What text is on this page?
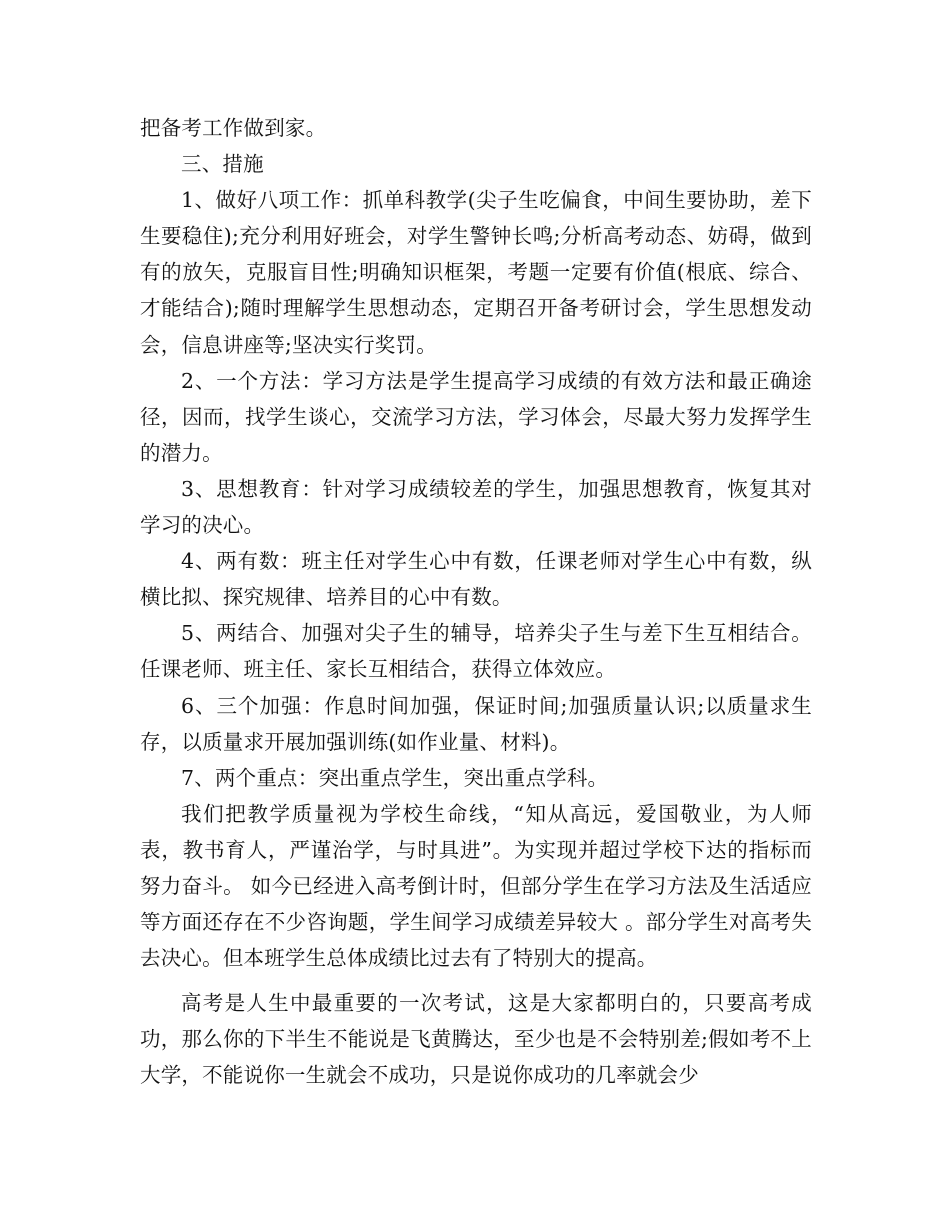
把备考工作做到家。

三、措施

1、做好八项工作：抓单科教学(尖子生吃偏食，中间生要协助，差下生要稳住);充分利用好班会，对学生警钟长鸣;分析高考动态、妨碍，做到有的放矢，克服盲目性;明确知识框架，考题一定要有价值(根底、综合、才能结合);随时理解学生思想动态，定期召开备考研讨会，学生思想发动会，信息讲座等;坚决实行奖罚。

2、一个方法：学习方法是学生提高学习成绩的有效方法和最正确途径，因而，找学生谈心，交流学习方法，学习体会，尽最大努力发挥学生的潜力。

3、思想教育：针对学习成绩较差的学生，加强思想教育，恢复其对学习的决心。

4、两有数：班主任对学生心中有数，任课老师对学生心中有数，纵横比拟、探究规律、培养目的心中有数。

5、两结合、加强对尖子生的辅导，培养尖子生与差下生互相结合。任课老师、班主任、家长互相结合，获得立体效应。

6、三个加强：作息时间加强，保证时间;加强质量认识;以质量求生存，以质量求开展加强训练(如作业量、材料)。

7、两个重点：突出重点学生，突出重点学科。

我们把教学质量视为学校生命线，“知从高远，爱国敬业，为人师表，教书育人，严谨治学，与时具进”。为实现并超过学校下达的指标而努力奋斗。 如今已经进入高考倒计时，但部分学生在学习方法及生活适应等方面还存在不少咨询题，学生间学习成绩差异较大 。部分学生对高考失去决心。但本班学生总体成绩比过去有了特别大的提高。

高考是人生中最重要的一次考试，这是大家都明白的，只要高考成功，那么你的下半生不能说是飞黄腾达，至少也是不会特别差;假如考不上大学，不能说你一生就会不成功，只是说你成功的几率就会少
